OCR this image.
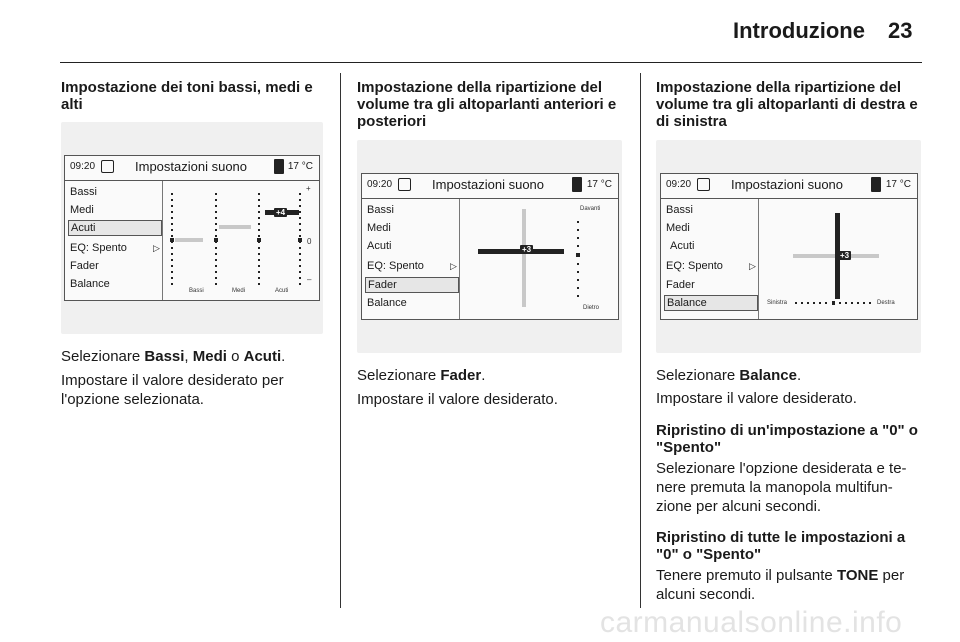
Introduzione 23
Impostazione dei toni bassi, medi e alti
09:20	Impostazioni suono	17 °C
Bassi
Medi
Acuti
EQ: Spento	▷
Fader
Balance
+4
+
0
–
Bassi	Medi	Acuti
Selezionare Bassi, Medi o Acuti.
Impostare il valore desiderato per l'opzione selezionata.
Impostazione della ripartizione del volume tra gli altoparlanti anteriori e posteriori
09:20	Impostazioni suono	17 °C
Bassi
Medi
Acuti
EQ: Spento	▷
Fader
Balance
+3
Davanti
Dietro
Selezionare Fader.
Impostare il valore desiderato.
Impostazione della ripartizione del volume tra gli altoparlanti di destra e di sinistra
09:20	Impostazioni suono	17 °C
Bassi
Medi
Acuti
EQ: Spento	▷
Fader
Balance
+3
Sinistra	Destra
Selezionare Balance.
Impostare il valore desiderato.
Ripristino di un'impostazione a "0" o "Spento"
Selezionare l'opzione desiderata e te- nere premuta la manopola multifun- zione per alcuni secondi.
Ripristino di tutte le impostazioni a "0" o "Spento"
Tenere premuto il pulsante TONE per alcuni secondi.
carmanualsonline.info
